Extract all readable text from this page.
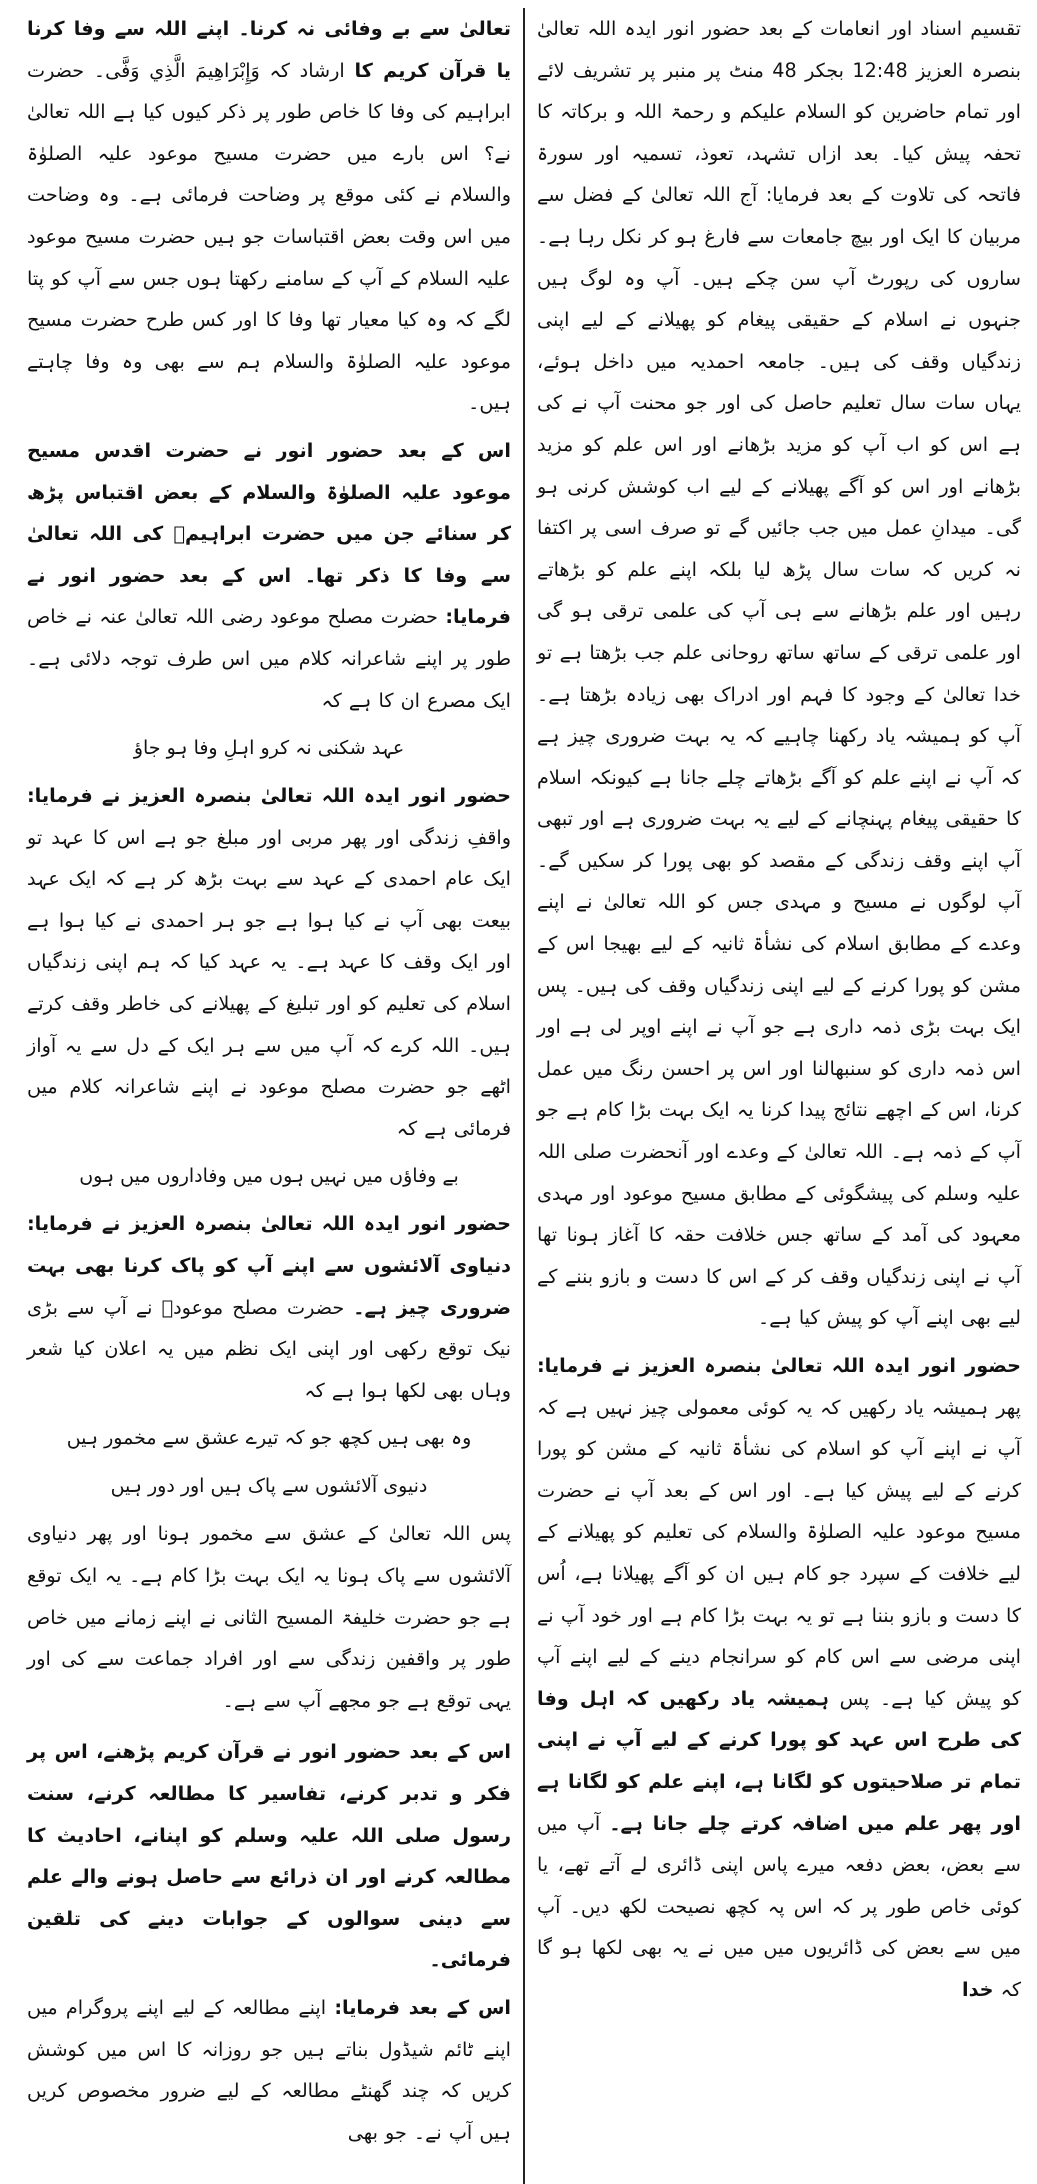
تقسیم اسناد اور انعامات کے بعد حضور انور ایدہ اللہ تعالیٰ بنصرہ العزیز 12:48 بجکر 48 منٹ پر منبر پر تشریف لائے اور تمام حاضرین کو السلام علیکم و رحمۃ اللہ و برکاتہ کا تحفہ پیش کیا۔ بعد ازاں تشہد، تعوذ، تسمیہ اور سورۃ فاتحہ کی تلاوت کے بعد فرمایا: آج اللہ تعالیٰ کے فضل سے مربیان کا ایک اور بیچ جامعات سے فارغ ہو کر نکل رہا ہے۔ ساروں کی رپورٹ آپ سن چکے ہیں۔ آپ وہ لوگ ہیں جنہوں نے اسلام کے حقیقی پیغام کو پھیلانے کے لیے اپنی زندگیاں وقف کی ہیں۔ جامعہ احمدیہ میں داخل ہوئے، یہاں سات سال تعلیم حاصل کی اور جو محنت آپ نے کی ہے اس کو اب آپ کو مزید بڑھانے اور اس علم کو مزید بڑھانے اور اس کو آگے پھیلانے کے لیے اب کوشش کرنی ہو گی۔ میدانِ عمل میں جب جائیں گے تو صرف اسی پر اکتفا نہ کریں کہ سات سال پڑھ لیا بلکہ اپنے علم کو بڑھاتے رہیں اور علم بڑھانے سے ہی آپ کی علمی ترقی ہو گی اور علمی ترقی کے ساتھ ساتھ روحانی علم جب بڑھتا ہے تو خدا تعالیٰ کے وجود کا فہم اور ادراک بھی زیادہ بڑھتا ہے۔ آپ کو ہمیشہ یاد رکھنا چاہیے کہ یہ بہت ضروری چیز ہے کہ آپ نے اپنے علم کو آگے بڑھاتے چلے جانا ہے کیونکہ اسلام کا حقیقی پیغام پہنچانے کے لیے یہ بہت ضروری ہے اور تبھی آپ اپنے وقف زندگی کے مقصد کو بھی پورا کر سکیں گے۔ آپ لوگوں نے مسیح و مہدی جس کو اللہ تعالیٰ نے اپنے وعدے کے مطابق اسلام کی نشأۃ ثانیہ کے لیے بھیجا اس کے مشن کو پورا کرنے کے لیے اپنی زندگیاں وقف کی ہیں۔ پس ایک بہت بڑی ذمہ داری ہے جو آپ نے اپنے اوپر لی ہے اور اس ذمہ داری کو سنبھالنا اور اس پر احسن رنگ میں عمل کرنا، اس کے اچھے نتائج پیدا کرنا یہ ایک بہت بڑا کام ہے جو آپ کے ذمہ ہے۔ اللہ تعالیٰ کے وعدے اور آنحضرت صلی اللہ علیہ وسلم کی پیشگوئی کے مطابق مسیح موعود اور مہدی معہود کی آمد کے ساتھ جس خلافت حقہ کا آغاز ہونا تھا آپ نے اپنی زندگیاں وقف کر کے اس کا دست و بازو بننے کے لیے بھی اپنے آپ کو پیش کیا ہے۔

حضور انور ایدہ اللہ تعالیٰ بنصرہ العزیز نے فرمایا: پھر ہمیشہ یاد رکھیں کہ یہ کوئی معمولی چیز نہیں ہے کہ آپ نے اپنے آپ کو اسلام کی نشأۃ ثانیہ کے مشن کو پورا کرنے کے لیے پیش کیا ہے۔ اور اس کے بعد آپ نے حضرت مسیح موعود علیہ الصلوٰۃ والسلام کی تعلیم کو پھیلانے کے لیے خلافت کے سپرد جو کام ہیں ان کو آگے پھیلانا ہے، اُس کا دست و بازو بننا ہے تو یہ بہت بڑا کام ہے اور خود آپ نے اپنی مرضی سے اس کام کو سرانجام دینے کے لیے اپنے آپ کو پیش کیا ہے۔ پس ہمیشہ یاد رکھیں کہ اہل وفا کی طرح اس عہد کو پورا کرنے کے لیے آپ نے اپنی تمام تر صلاحیتوں کو لگانا ہے، اپنے علم کو لگانا ہے اور پھر علم میں اضافہ کرتے چلے جانا ہے۔ آپ میں سے بعض، بعض دفعہ میرے پاس اپنی ڈائری لے آتے تھے، یا کوئی خاص طور پر کہ اس پہ کچھ نصیحت لکھ دیں۔ آپ میں سے بعض کی ڈائریوں میں میں نے یہ بھی لکھا ہو گا کہ خدا

تعالیٰ سے بے وفائی نہ کرنا۔ اپنے اللہ سے وفا کرنا یا قرآن کریم کا ارشاد کہ وَإِبْرَاهِيمَ الَّذِي وَفَّى۔ حضرت ابراہیم کی وفا کا خاص طور پر ذکر کیوں کیا ہے اللہ تعالیٰ نے؟ اس بارے میں حضرت مسیح موعود علیہ الصلوٰۃ والسلام نے کئی موقع پر وضاحت فرمائی ہے۔ وہ وضاحت میں اس وقت بعض اقتباسات جو ہیں حضرت مسیح موعود علیہ السلام کے آپ کے سامنے رکھتا ہوں جس سے آپ کو پتا لگے کہ وہ کیا معیار تھا وفا کا اور کس طرح حضرت مسیح موعود علیہ الصلوٰۃ والسلام ہم سے بھی وہ وفا چاہتے ہیں۔

اس کے بعد حضور انور نے حضرت اقدس مسیح موعود علیہ الصلوٰۃ والسلام کے بعض اقتباس پڑھ کر سنائے جن میں حضرت ابراہیمؑ کی اللہ تعالیٰ سے وفا کا ذکر تھا۔ اس کے بعد حضور انور نے فرمایا: حضرت مصلح موعود رضی اللہ تعالیٰ عنہ نے خاص طور پر اپنے شاعرانہ کلام میں اس طرف توجہ دلائی ہے۔ ایک مصرع ان کا ہے کہ

عہد شکنی نہ کرو اہلِ وفا ہو جاؤ

حضور انور ایدہ اللہ تعالیٰ بنصرہ العزیز نے فرمایا: واقفِ زندگی اور پھر مربی اور مبلغ جو ہے اس کا عہد تو ایک عام احمدی کے عہد سے بہت بڑھ کر ہے کہ ایک عہد بیعت بھی آپ نے کیا ہوا ہے جو ہر احمدی نے کیا ہوا ہے اور ایک وقف کا عہد ہے۔ یہ عہد کیا کہ ہم اپنی زندگیاں اسلام کی تعلیم کو اور تبلیغ کے پھیلانے کی خاطر وقف کرتے ہیں۔ اللہ کرے کہ آپ میں سے ہر ایک کے دل سے یہ آواز اٹھے جو حضرت مصلح موعود نے اپنے شاعرانہ کلام میں فرمائی ہے کہ

بے وفاؤں میں نہیں ہوں میں وفاداروں میں ہوں

حضور انور ایدہ اللہ تعالیٰ بنصرہ العزیز نے فرمایا: دنیاوی آلائشوں سے اپنے آپ کو پاک کرنا بھی بہت ضروری چیز ہے۔ حضرت مصلح موعودؓ نے آپ سے بڑی نیک توقع رکھی اور اپنی ایک نظم میں یہ اعلان کیا شعر وہاں بھی لکھا ہوا ہے کہ

وہ بھی ہیں کچھ جو کہ تیرے عشق سے مخمور ہیں

دنیوی آلائشوں سے پاک ہیں اور دور ہیں

پس اللہ تعالیٰ کے عشق سے مخمور ہونا اور پھر دنیاوی آلائشوں سے پاک ہونا یہ ایک بہت بڑا کام ہے۔ یہ ایک توقع ہے جو حضرت خلیفۃ المسیح الثانی نے اپنے زمانے میں خاص طور پر واقفین زندگی سے اور افراد جماعت سے کی اور یہی توقع ہے جو مجھے آپ سے ہے۔

اس کے بعد حضور انور نے قرآن کریم پڑھنے، اس پر فکر و تدبر کرنے، تفاسیر کا مطالعہ کرنے، سنت رسول صلی اللہ علیہ وسلم کو اپنانے، احادیث کا مطالعہ کرنے اور ان ذرائع سے حاصل ہونے والے علم سے دینی سوالوں کے جوابات دینے کی تلقین فرمائی۔

اس کے بعد فرمایا: اپنے مطالعہ کے لیے اپنے پروگرام میں اپنے ٹائم شیڈول بناتے ہیں جو روزانہ کا اس میں کوشش کریں کہ چند گھنٹے مطالعہ کے لیے ضرور مخصوص کریں ہیں آپ نے۔ جو بھی
